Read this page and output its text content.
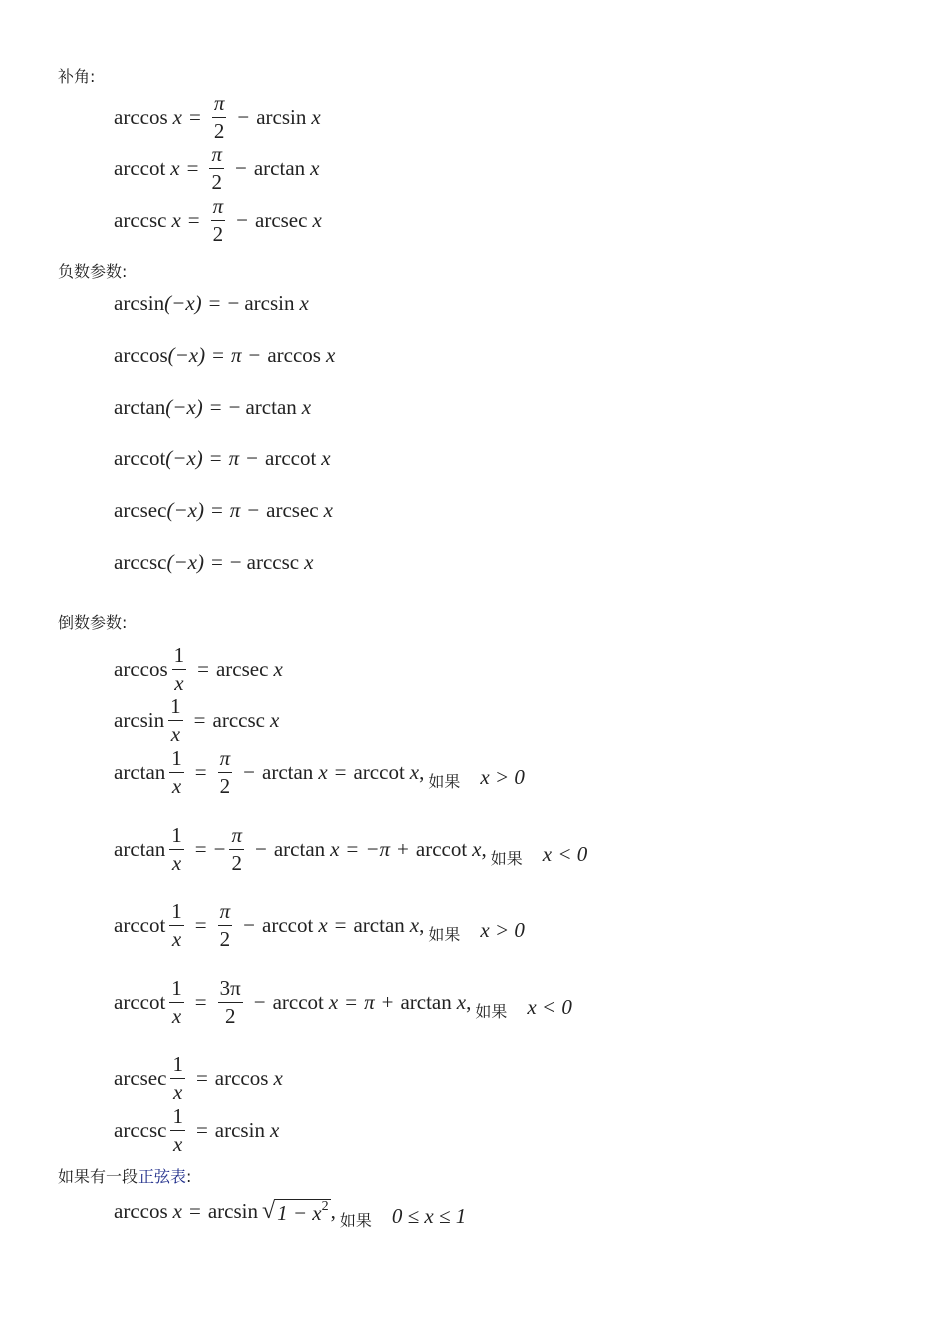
补角:
负数参数:
倒数参数:
如果有一段正弦表:
$\arccos x = \frac{\pi}{2} - \arcsin x$
arccot $x = \frac{\pi}{2} - \arctan x$
arccsc $x = \frac{\pi}{2} - arcsec$ x
arcsin (−x) = − arcsin x
arccos (−x) = π − arccos x
arctan (−x) = − arctan x
arccot (−x) = π − arccot x
arcsec (−x) = π − arcsec x
arccsc (−x) = − arccsc x
$\arccos \frac{1}{x} = arcsec$ x
$\arcsin \frac{1}{x} = arccsc$ x
$\arctan \frac{1}{x} = \frac{\pi}{2} - \arctan x = arccot$ x , 如果 x > 0
$\arctan \frac{1}{x}$ = − $\frac{\pi}{2} - \arctan x = -\pi + arccot$ x , 如果 x < 0
arccot $\frac{1}{x} = \frac{\pi}{2} - arccot$ x = arctan x , 如果 x > 0
arccot $\frac{1}{x} = \frac{3\pi}{2} - arccot$ x = π + arctan x , 如果 x < 0
arcsec $\frac{1}{x} = \arccos x$
arccsc $\frac{1}{x} = \arcsin x$
arccos x = arcsin √ $1 - x^2$ , 如果 0 ≤ x ≤ 1
